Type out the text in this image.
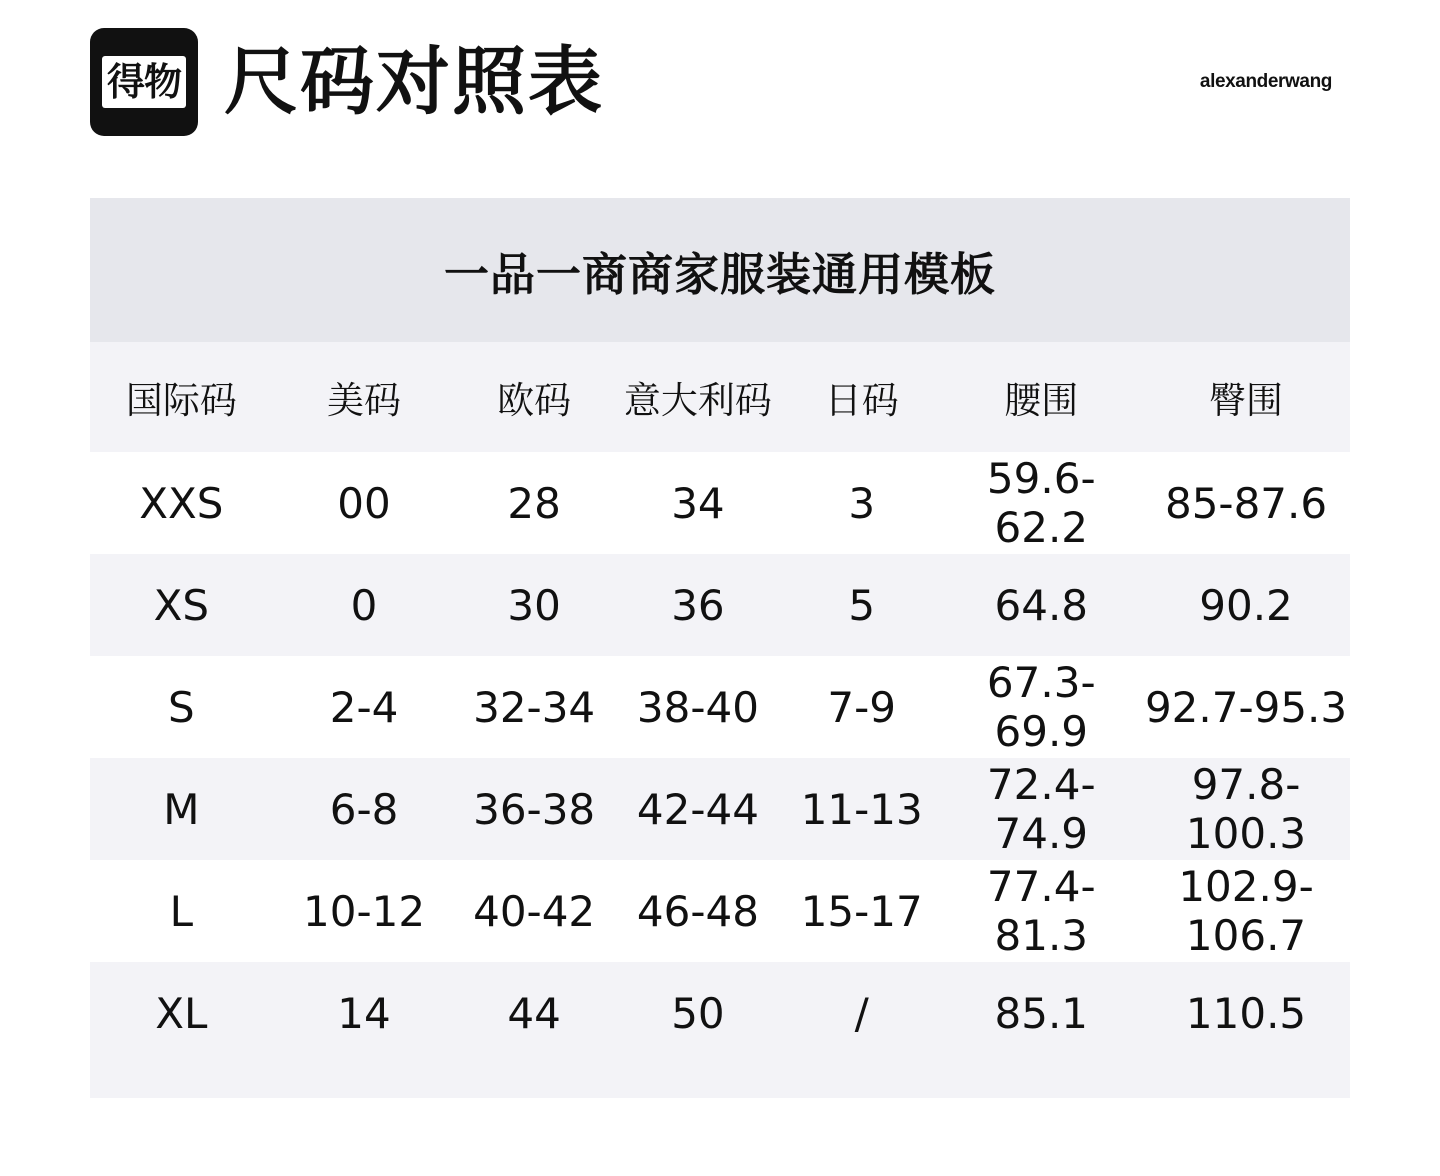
得物 尺码对照表	alexanderwang
一品一商商家服装通用模板
国际码	美码	欧码	意大利码	日码	腰围	臀围
XXS	00	28	34	3	59.6-62.2	85-87.6
XS	0	30	36	5	64.8	90.2
S	2-4	32-34	38-40	7-9	67.3-69.9	92.7-95.3
M	6-8	36-38	42-44	11-13	72.4-74.9	97.8-100.3
L	10-12	40-42	46-48	15-17	77.4-81.3	102.9-106.7
XL	14	44	50	/	85.1	110.5
